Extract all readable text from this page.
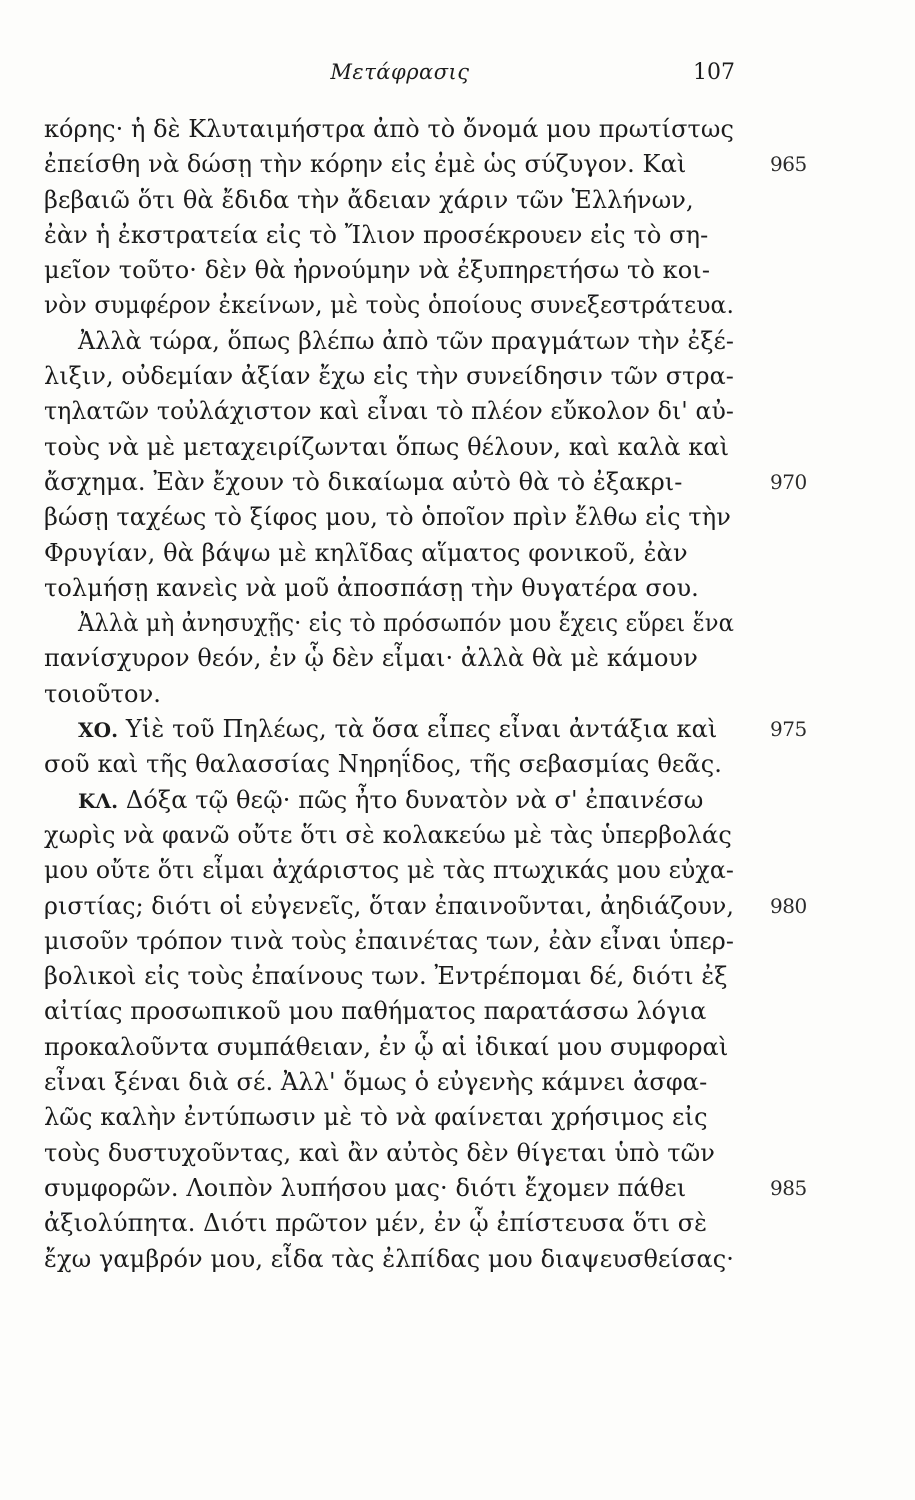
Μετάφρασις	107
κόρης· ἡ δὲ Κλυταιμήστρα ἀπὸ τὸ ὄνομά μου πρωτίστως
ἐπείσθη νὰ δώσῃ τὴν κόρην εἰς ἐμὲ ὡς σύζυγον. Καὶ	965
βεβαιῶ ὅτι θὰ ἔδιδα τὴν ἄδειαν χάριν τῶν Ἑλλήνων,
ἐὰν ἡ ἐκστρατεία εἰς τὸ Ἴλιον προσέκρουεν εἰς τὸ ση-
μεῖον τοῦτο· δὲν θὰ ἠρνούμην νὰ ἐξυπηρετήσω τὸ κοι-
νὸν συμφέρον ἐκείνων, μὲ τοὺς ὁποίους συνεξεστράτευα.
Ἀλλὰ τώρα, ὅπως βλέπω ἀπὸ τῶν πραγμάτων τὴν ἐξέ-
λιξιν, οὐδεμίαν ἀξίαν ἔχω εἰς τὴν συνείδησιν τῶν στρα-
τηλατῶν τοὐλάχιστον καὶ εἶναι τὸ πλέον εὔκολον δι' αὐ-
τοὺς νὰ μὲ μεταχειρίζωνται ὅπως θέλουν, καὶ καλὰ καὶ
ἄσχημα. Ἐὰν ἔχουν τὸ δικαίωμα αὐτὸ θὰ τὸ ἐξακρι-	970
βώσῃ ταχέως τὸ ξίφος μου, τὸ ὁποῖον πρὶν ἔλθω εἰς τὴν
Φρυγίαν, θὰ βάψω μὲ κηλῖδας αἵματος φονικοῦ, ἐὰν
τολμήσῃ κανεὶς νὰ μοῦ ἀποσπάσῃ τὴν θυγατέρα σου.
Ἀλλὰ μὴ ἀνησυχῇς· εἰς τὸ πρόσωπόν μου ἔχεις εὕρει ἕνα
πανίσχυρον θεόν, ἐν ᾧ δὲν εἶμαι· ἀλλὰ θὰ μὲ κάμουν
τοιοῦτον.
ΧΟ. Υἱὲ τοῦ Πηλέως, τὰ ὅσα εἶπες εἶναι ἀντάξια καὶ	975
σοῦ καὶ τῆς θαλασσίας Νηρηΐδος, τῆς σεβασμίας θεᾶς.
ΚΛ. Δόξα τῷ θεῷ· πῶς ἦτο δυνατὸν νὰ σ' ἐπαινέσω
χωρὶς νὰ φανῶ οὔτε ὅτι σὲ κολακεύω μὲ τὰς ὑπερβολάς
μου οὔτε ὅτι εἶμαι ἀχάριστος μὲ τὰς πτωχικάς μου εὐχα-
ριστίας; διότι οἱ εὐγενεῖς, ὅταν ἐπαινοῦνται, ἀηδιάζουν, 980
μισοῦν τρόπον τινὰ τοὺς ἐπαινέτας των, ἐὰν εἶναι ὑπερ-
βολικοὶ εἰς τοὺς ἐπαίνους των. Ἐντρέπομαι δέ, διότι ἐξ
αἰτίας προσωπικοῦ μου παθήματος παρατάσσω λόγια
προκαλοῦντα συμπάθειαν, ἐν ᾧ αἱ ἰδικαί μου συμφοραὶ
εἶναι ξέναι διὰ σέ. Ἀλλ' ὅμως ὁ εὐγενὴς κάμνει ἀσφα-
λῶς καλὴν ἐντύπωσιν μὲ τὸ νὰ φαίνεται χρήσιμος εἰς
τοὺς δυστυχοῦντας, καὶ ἂν αὐτὸς δὲν θίγεται ὑπὸ τῶν
συμφορῶν. Λοιπὸν λυπήσου μας· διότι ἔχομεν πάθει	985
ἀξιολύπητα. Διότι πρῶτον μέν, ἐν ᾧ ἐπίστευσα ὅτι σὲ
ἔχω γαμβρόν μου, εἶδα τὰς ἐλπίδας μου διαψευσθείσας·
